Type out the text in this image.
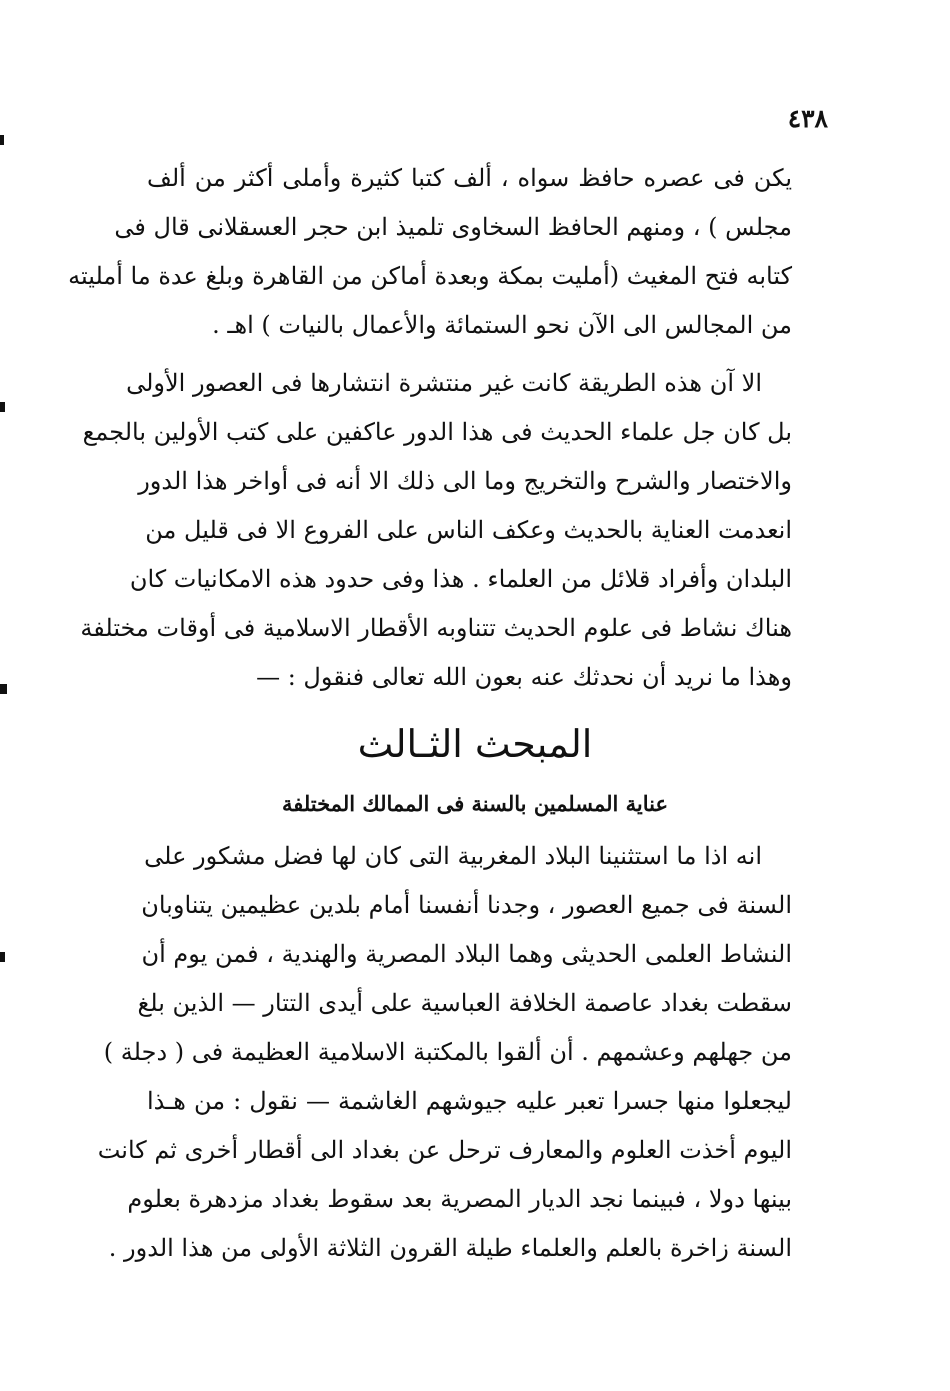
٤٣٨
يكن فى عصره حافظ سواه ، ألف كتبا كثيرة وأملى أكثر من ألف
مجلس ) ، ومنهم الحافظ السخاوى تلميذ ابن حجر العسقلانى قال فى
كتابه فتح المغيث (أمليت بمكة وبعدة أماكن من القاهرة وبلغ عدة ما أمليته
من المجالس الى الآن نحو الستمائة والأعمال بالنيات ) اهـ .
الا آن هذه الطريقة كانت غير منتشرة انتشارها فى العصور الأولى
بل كان جل علماء الحديث فى هذا الدور عاكفين على كتب الأولين بالجمع
والاختصار والشرح والتخريج وما الى ذلك الا أنه فى أواخر هذا الدور
انعدمت العناية بالحديث وعكف الناس على الفروع الا فى قليل من
البلدان وأفراد قلائل من العلماء . هذا وفى حدود هذه الامكانيات كان
هناك نشاط فى علوم الحديث تتناوبه الأقطار الاسلامية فى أوقات مختلفة
وهذا ما نريد أن نحدثك عنه بعون الله تعالى فنقول : —
المبحث الثـالث
عناية المسلمين بالسنة فى الممالك المختلفة
انه اذا ما استثنينا البلاد المغربية التى كان لها فضل مشكور على
السنة فى جميع العصور ، وجدنا أنفسنا أمام بلدين عظيمين يتناوبان
النشاط العلمى الحديثى وهما البلاد المصرية والهندية ، فمن يوم أن
سقطت بغداد عاصمة الخلافة العباسية على أيدى التتار — الذين بلغ
من جهلهم وعشمهم . أن ألقوا بالمكتبة الاسلامية العظيمة فى ( دجلة )
ليجعلوا منها جسرا تعبر عليه جيوشهم الغاشمة — نقول : من هـذا
اليوم أخذت العلوم والمعارف ترحل عن بغداد الى أقطار أخرى ثم كانت
بينها دولا ، فبينما نجد الديار المصرية بعد سقوط بغداد مزدهرة بعلوم
السنة زاخرة بالعلم والعلماء طيلة القرون الثلاثة الأولى من هذا الدور .
